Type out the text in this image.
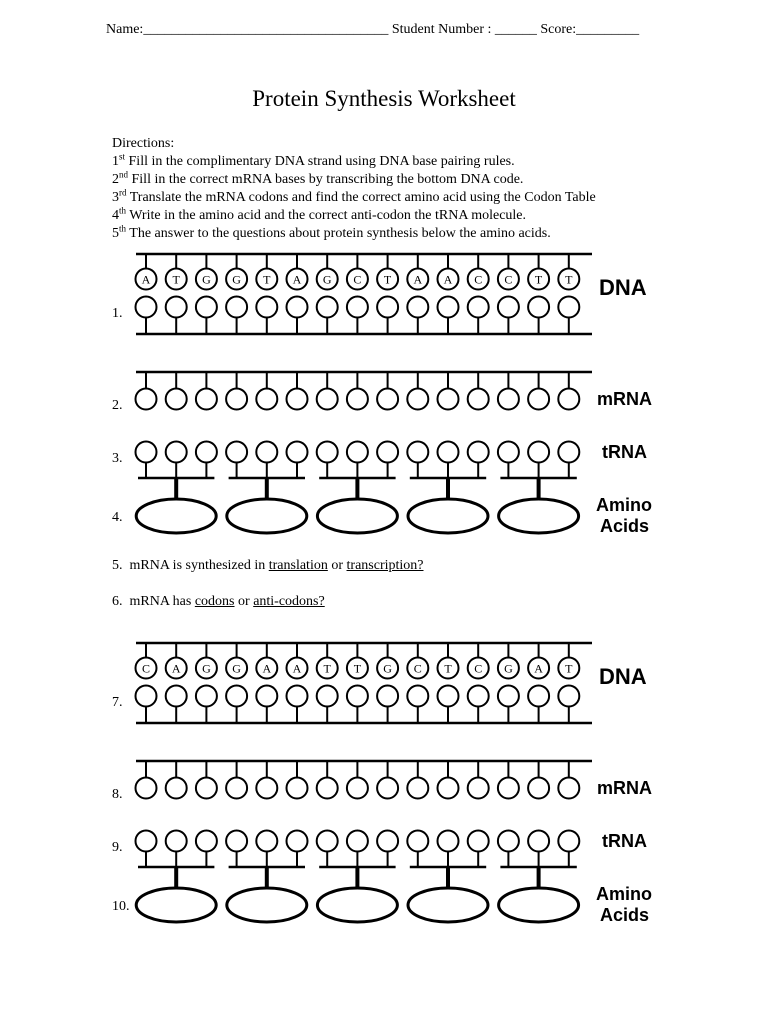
Name:___________________________________ Student Number : ______ Score:_________
Protein Synthesis Worksheet
Directions:
1st Fill in the complimentary DNA strand using DNA base pairing rules.
2nd Fill in the correct mRNA bases by transcribing the bottom DNA code.
3rd Translate the mRNA codons and find the correct amino acid using the Codon Table
4th Write in the amino acid and the correct anti-codon the tRNA molecule.
5th The answer to the questions about protein synthesis below the amino acids.
A T G G T A G C T A A C C T T DNA
1.
mRNA
2.
tRNA
3.
Amino
Acids
4.
C A G G A A T T G C T C G A T DNA
7.
mRNA
8.
tRNA
9.
Amino
Acids
10.
5. mRNA is synthesized in translation or transcription?
6. mRNA has codons or anti-codons?
